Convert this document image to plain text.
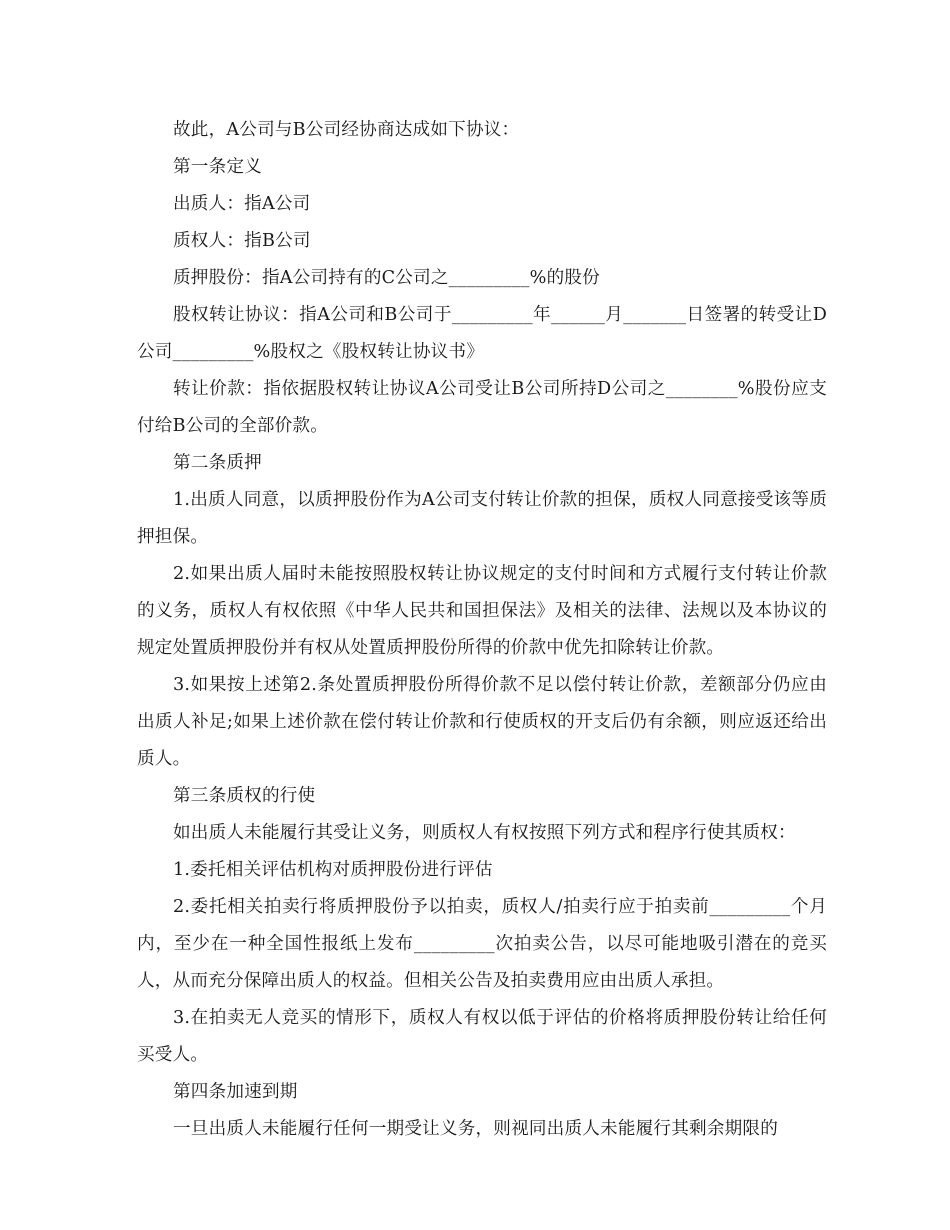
故此，A公司与B公司经协商达成如下协议：

第一条定义

出质人：指A公司

质权人：指B公司

质押股份：指A公司持有的C公司之_________%的股份

股权转让协议：指A公司和B公司于_________年______月_______日签署的转受让D公司_________%股权之《股权转让协议书》

转让价款：指依据股权转让协议A公司受让B公司所持D公司之________%股份应支付给B公司的全部价款。

第二条质押

1.出质人同意，以质押股份作为A公司支付转让价款的担保，质权人同意接受该等质押担保。

2.如果出质人届时未能按照股权转让协议规定的支付时间和方式履行支付转让价款的义务，质权人有权依照《中华人民共和国担保法》及相关的法律、法规以及本协议的规定处置质押股份并有权从处置质押股份所得的价款中优先扣除转让价款。

3.如果按上述第2.条处置质押股份所得价款不足以偿付转让价款，差额部分仍应由出质人补足;如果上述价款在偿付转让价款和行使质权的开支后仍有余额，则应返还给出质人。

第三条质权的行使

如出质人未能履行其受让义务，则质权人有权按照下列方式和程序行使其质权：

1.委托相关评估机构对质押股份进行评估

2.委托相关拍卖行将质押股份予以拍卖，质权人/拍卖行应于拍卖前_________个月内，至少在一种全国性报纸上发布_________次拍卖公告，以尽可能地吸引潜在的竞买人，从而充分保障出质人的权益。但相关公告及拍卖费用应由出质人承担。

3.在拍卖无人竞买的情形下，质权人有权以低于评估的价格将质押股份转让给任何买受人。

第四条加速到期

一旦出质人未能履行任何一期受让义务，则视同出质人未能履行其剩余期限的
